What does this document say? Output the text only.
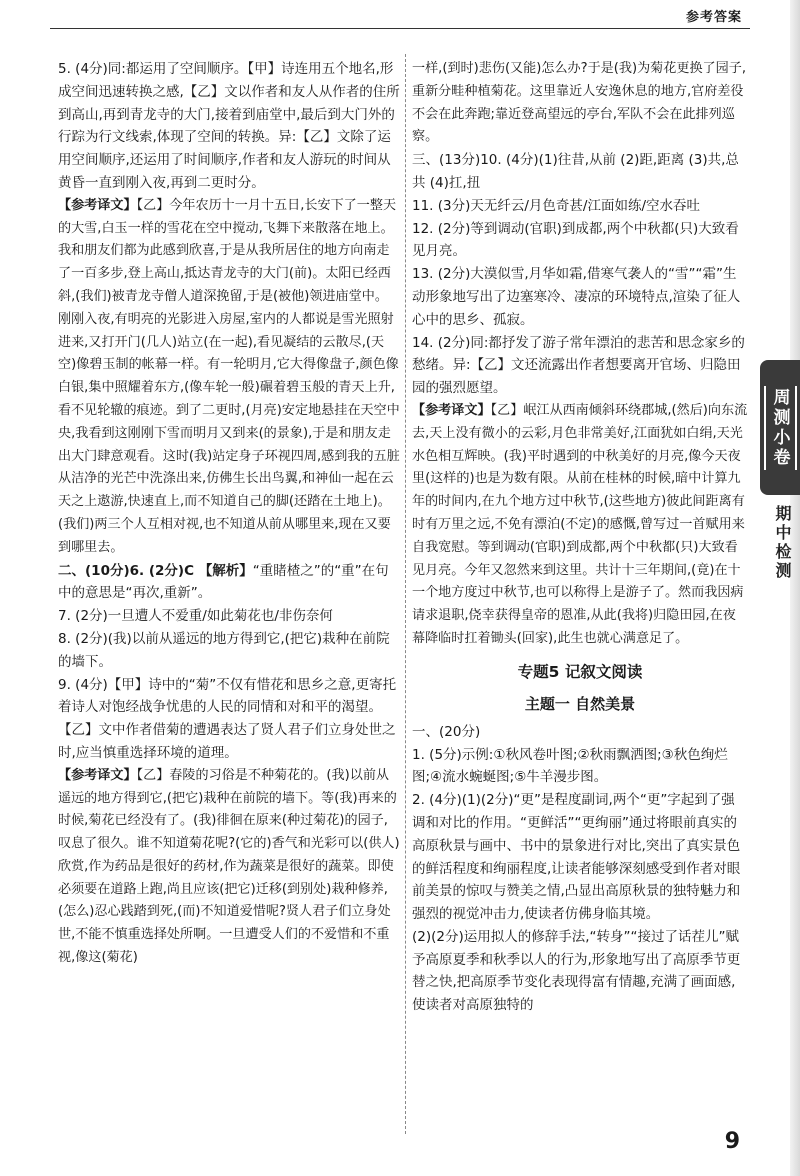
参考答案

5. (4分)同:都运用了空间顺序。【甲】诗连用五个地名,形成空间迅速转换之感,【乙】文以作者和友人从作者的住所到高山,再到青龙寺的大门,接着到庙堂中,最后到大门外的行踪为行文线索,体现了空间的转换。异:【乙】文除了运用空间顺序,还运用了时间顺序,作者和友人游玩的时间从黄昏一直到刚入夜,再到二更时分。

【参考译文】【乙】今年农历十一月十五日,长安下了一整天的大雪,白玉一样的雪花在空中搅动,飞舞下来散落在地上。我和朋友们都为此感到欣喜,于是从我所居住的地方向南走了一百多步,登上高山,抵达青龙寺的大门(前)。太阳已经西斜,(我们)被青龙寺僧人道深挽留,于是(被他)领进庙堂中。刚刚入夜,有明亮的光影进入房屋,室内的人都说是雪光照射进来,又打开门(几人)站立(在一起),看见凝结的云散尽,(天空)像碧玉制的帐幕一样。有一轮明月,它大得像盘子,颜色像白银,集中照耀着东方,(像车轮一般)碾着碧玉般的青天上升,看不见轮辙的痕迹。到了二更时,(月亮)安定地悬挂在天空中央,我看到这刚刚下雪而明月又到来(的景象),于是和朋友走出大门肆意观看。这时(我)站定身子环视四周,感到我的五脏从洁净的光芒中洗涤出来,仿佛生长出鸟翼,和神仙一起在云天之上遨游,快速直上,而不知道自己的脚(还踏在土地上)。(我们)两三个人互相对视,也不知道从前从哪里来,现在又要到哪里去。

二、(10分)6. (2分)C 【解析】“重睹楂之”的“重”在句中的意思是“再次,重新”。

7. (2分)一旦遭人不爱重/如此菊花也/非伤奈何

8. (2分)(我)以前从遥远的地方得到它,(把它)栽种在前院的墙下。

9. (4分)【甲】诗中的“菊”不仅有惜花和思乡之意,更寄托着诗人对饱经战争忧患的人民的同情和对和平的渴望。【乙】文中作者借菊的遭遇表达了贤人君子们立身处世之时,应当慎重选择环境的道理。

【参考译文】【乙】春陵的习俗是不种菊花的。(我)以前从遥远的地方得到它,(把它)栽种在前院的墙下。等(我)再来的时候,菊花已经没有了。(我)徘徊在原来(种过菊花)的园子,叹息了很久。谁不知道菊花呢?(它的)香气和光彩可以(供人)欣赏,作为药品是很好的药材,作为蔬菜是很好的蔬菜。即使必须要在道路上跑,尚且应该(把它)迁移(到别处)栽种修养,(怎么)忍心践踏到死,(而)不知道爱惜呢?贤人君子们立身处世,不能不慎重选择处所啊。一旦遭受人们的不爱惜和不重视,像这(菊花)

一样,(到时)悲伤(又能)怎么办?于是(我)为菊花更换了园子,重新分畦种植菊花。这里靠近人安逸休息的地方,官府差役不会在此奔跑;靠近登高望远的亭台,军队不会在此排列巡察。

三、(13分)10. (4分)(1)往昔,从前 (2)距,距离 (3)共,总共 (4)扛,扭

11. (3分)天无纤云/月色奇甚/江面如练/空水吞吐

12. (2分)等到调动(官职)到成都,两个中秋都(只)大致看见月亮。

13. (2分)大漠似雪,月华如霜,借寒气袭人的“雪”“霜”生动形象地写出了边塞寒冷、凄凉的环境特点,渲染了征人心中的思乡、孤寂。

14. (2分)同:都抒发了游子常年漂泊的悲苦和思念家乡的愁绪。异:【乙】文还流露出作者想要离开官场、归隐田园的强烈愿望。

【参考译文】【乙】岷江从西南倾斜环绕郡城,(然后)向东流去,天上没有微小的云彩,月色非常美好,江面犹如白绢,天光水色相互辉映。(我)平时遇到的中秋美好的月亮,像今天夜里(这样的)也是为数有限。从前在桂林的时候,暗中计算九年的时间内,在九个地方过中秋节,(这些地方)彼此间距离有时有万里之远,不免有漂泊(不定)的感慨,曾写过一首赋用来自我宽慰。等到调动(官职)到成都,两个中秋都(只)大致看见月亮。今年又忽然来到这里。共计十三年期间,(竟)在十一个地方度过中秋节,也可以称得上是游子了。然而我因病请求退职,侥幸获得皇帝的恩准,从此(我将)归隐田园,在夜幕降临时扛着锄头(回家),此生也就心满意足了。

专题5 记叙文阅读

主题一 自然美景

一、(20分)

1. (5分)示例:①秋风卷叶图;②秋雨飘洒图;③秋色绚烂图;④流水蜿蜒图;⑤牛羊漫步图。

2. (4分)(1)(2分)“更”是程度副词,两个“更”字起到了强调和对比的作用。“更鲜活”“更绚丽”通过将眼前真实的高原秋景与画中、书中的景象进行对比,突出了真实景色的鲜活程度和绚丽程度,让读者能够深刻感受到作者对眼前美景的惊叹与赞美之情,凸显出高原秋景的独特魅力和强烈的视觉冲击力,使读者仿佛身临其境。

(2)(2分)运用拟人的修辞手法,“转身”“接过了话茬儿”赋予高原夏季和秋季以人的行为,形象地写出了高原季节更替之快,把高原季节变化表现得富有情趣,充满了画面感,使读者对高原独特的

周测小卷
期中检测
9
